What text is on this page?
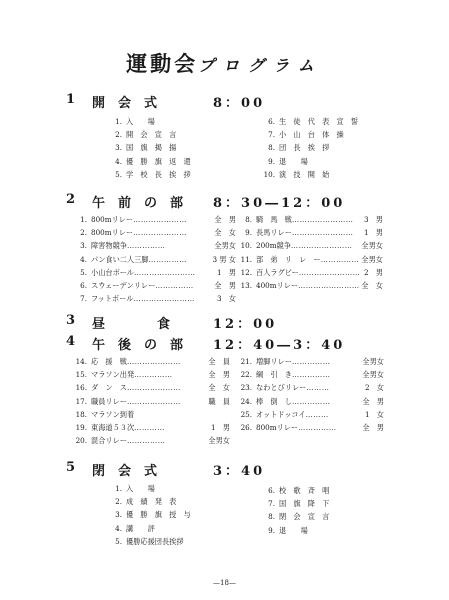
運動会プログラム
1 開　会　式	8：00
1. 入　　場
2. 開　会　宣　言
3. 国　旗　掲　揚
4. 優　勝　旗　返　還
5. 学　校　長　挨　拶
6. 生　徒　代　表　宣　誓
7. 小　山　台　体　操
8. 団　長　挨　拶
9. 退　　場
10. 演　技　開　始
2 午　前　の　部 8：30―12：00
1. 800mリレー…………………	全　男
2. 800mリレー…………………	全　女
3. 障害物競争……………	全男女
4. パン食い二人三脚……………	3 男 女
5. 小山台ボール……………………	1　男
6. スウェーデンリレー……………	全　男
7. フットボール……………………	3　女
8. 騎　馬　戦…………………… 3　男
9. 長馬リレー…………………… 1　男
10. 200m競争…………………… 全男女
11. 部　弟　リ　レ　ー…………… 全男女
12. 百人ラグビー…………………… 2　男
13. 400mリレー…………………… 全　女
3 昼　　　　食	12：00
4 午　後　の　部 12：40―3：40
14. 応　援　戦…………………	全　員
15. マラソン出発……………	全　男
16. ダ　ン　ス…………………	全　女
17. 職員リレー…………………	職　員
18. マラソン到着
19. 東海道５３次…………	1　男
20. 混合リレー……………	全男女
21. 増脚リレー……………	全男女
22. 綱　引　き……………	全男女
23. なわとびリレー………	2　女
24. 棒　倒　し……………	全　男
25. オットドッコイ………	1　女
26. 800mリレー……………	全　男
5 閉　会　式	3：40
1. 入　　場
2. 成　績　発　表
3. 優　勝　旗　授　与
4. 講　　評
5. 優勝応援団長挨拶
6. 校　歌　斉　唱
7. 国　旗　降　下
8. 閉　会　宣　言
9. 退　　場
—18—
